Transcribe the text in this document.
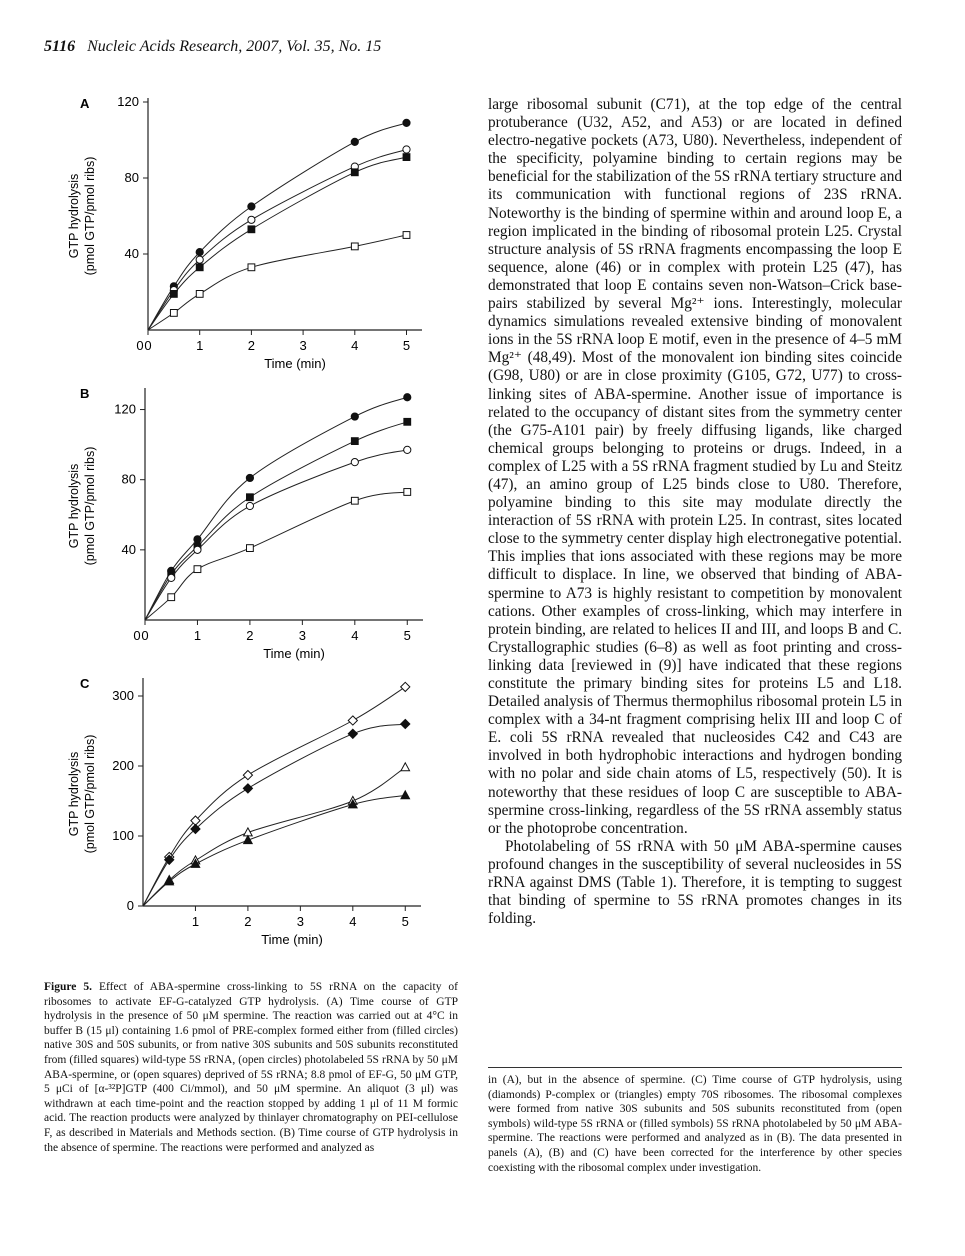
5116 Nucleic Acids Research, 2007, Vol. 35, No. 15
A
0	1	2	3	4	5
40
80
120
0
Time (min)
GTP hydrolysis (pmol GTP/pmol ribs)
B
0	1	2	3	4	5
40
80
120
0
Time (min)
GTP hydrolysis (pmol GTP/pmol ribs)
C
1	2	3	4	5
0
100
200
300
Time (min)
GTP hydrolysis (pmol GTP/pmol ribs)

large ribosomal subunit (C71), at the top edge of the central protuberance (U32, A52, and A53) or are located in defined electro-negative pockets (A73, U80). Nevertheless, independent of the specificity, polyamine binding to certain regions may be beneficial for the stabilization of the 5S rRNA tertiary structure and its communication with functional regions of 23S rRNA. Noteworthy is the binding of spermine within and around loop E, a region implicated in the binding of ribosomal protein L25. Crystal structure analysis of 5S rRNA fragments encompassing the loop E sequence, alone (46) or in complex with protein L25 (47), has demonstrated that loop E contains seven non-Watson–Crick base-pairs stabilized by several Mg²⁺ ions. Interestingly, molecular dynamics simulations revealed extensive binding of monovalent ions in the 5S rRNA loop E motif, even in the presence of 4–5 mM Mg²⁺ (48,49). Most of the monovalent ion binding sites coincide (G98, U80) or are in close proximity (G105, G72, U77) to cross-linking sites of ABA-spermine. Another issue of importance is related to the occupancy of distant sites from the symmetry center (the G75-A101 pair) by freely diffusing ligands, like charged chemical groups belonging to proteins or drugs. Indeed, in a complex of L25 with a 5S rRNA fragment studied by Lu and Steitz (47), an amino group of L25 binds close to U80. Therefore, polyamine binding to this site may modulate directly the interaction of 5S rRNA with protein L25. In contrast, sites located close to the symmetry center display high electronegative potential. This implies that ions associated with these regions may be more difficult to displace. In line, we observed that binding of ABA-spermine to A73 is highly resistant to competition by monovalent cations. Other examples of cross-linking, which may interfere in protein binding, are related to helices II and III, and loops B and C. Crystallographic studies (6–8) as well as foot printing and cross-linking data [reviewed in (9)] have indicated that these regions constitute the primary binding sites for proteins L5 and L18. Detailed analysis of Thermus thermophilus ribosomal protein L5 in complex with a 34-nt fragment comprising helix III and loop C of E. coli 5S rRNA revealed that nucleosides C42 and C43 are involved in both hydrophobic interactions and hydrogen bonding with no polar and side chain atoms of L5, respectively (50). It is noteworthy that these residues of loop C are susceptible to ABA-spermine cross-linking, regardless of the 5S rRNA assembly status or the photoprobe concentration.

Photolabeling of 5S rRNA with 50 μM ABA-spermine causes profound changes in the susceptibility of several nucleosides in 5S rRNA against DMS (Table 1). Therefore, it is tempting to suggest that binding of spermine to 5S rRNA promotes changes in its folding.

Figure 5. Effect of ABA-spermine cross-linking to 5S rRNA on the capacity of ribosomes to activate EF-G-catalyzed GTP hydrolysis. (A) Time course of GTP hydrolysis in the presence of 50 μM spermine. The reaction was carried out at 4°C in buffer B (15 μl) containing 1.6 pmol of PRE-complex formed either from (filled circles) native 30S and 50S subunits, or from native 30S subunits and 50S subunits reconstituted from (filled squares) wild-type 5S rRNA, (open circles) photolabeled 5S rRNA by 50 μM ABA-spermine, or (open squares) deprived of 5S rRNA; 8.8 pmol of EF-G, 50 μM GTP, 5 μCi of [α-³²P]GTP (400 Ci/mmol), and 50 μM spermine. An aliquot (3 μl) was withdrawn at each time-point and the reaction stopped by adding 1 μl of 11 M formic acid. The reaction products were analyzed by thinlayer chromatography on PEI-cellulose F, as described in Materials and Methods section. (B) Time course of GTP hydrolysis in the absence of spermine. The reactions were performed and analyzed as

in (A), but in the absence of spermine. (C) Time course of GTP hydrolysis, using (diamonds) P-complex or (triangles) empty 70S ribosomes. The ribosomal complexes were formed from native 30S subunits and 50S subunits reconstituted from (open symbols) wild-type 5S rRNA or (filled symbols) 5S rRNA photolabeled by 50 μM ABA-spermine. The reactions were performed and analyzed as in (B). The data presented in panels (A), (B) and (C) have been corrected for the interference by other species coexisting with the ribosomal complex under investigation.
